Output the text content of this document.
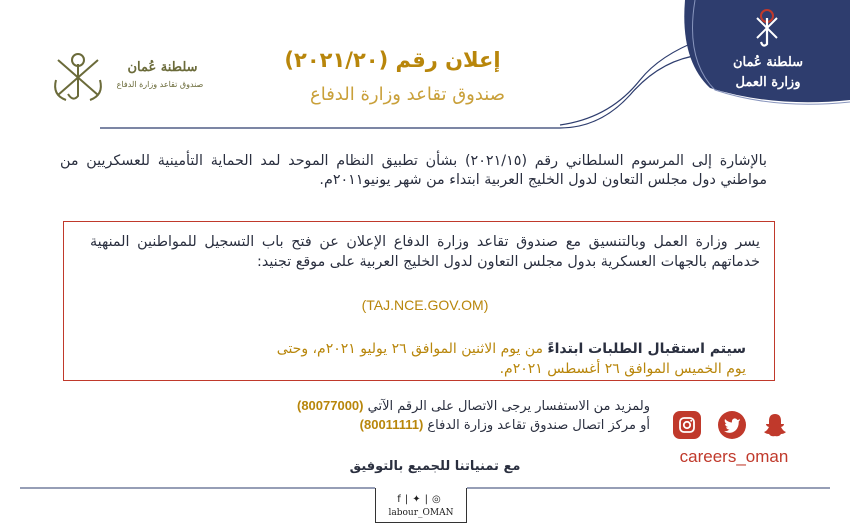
سلطنة عُمان
وزارة العمل
سلطنة عُمان
صندوق تقاعد وزارة الدفاع
إعلان رقم (٢٠٢١/٢٠)
صندوق تقاعد وزارة الدفاع
بالإشارة إلى المرسوم السلطاني رقم (٢٠٢١/١٥) بشأن تطبيق النظام الموحد لمد الحماية التأمينية للعسكريين من مواطني دول مجلس التعاون لدول الخليج العربية ابتداء من شهر يونيو٢٠١١م.
يسر وزارة العمل وبالتنسيق مع صندوق تقاعد وزارة الدفاع الإعلان عن فتح باب التسجيل للمواطنين المنهية خدماتهم بالجهات العسكرية بدول مجلس التعاون لدول الخليج العربية على موقع تجنيد:
(TAJ.NCE.GOV.OM)
سيتم استقبال الطلبات ابتداءً من يوم الاثنين الموافق ٢٦ يوليو ٢٠٢١م، وحتى يوم الخميس الموافق ٢٦ أغسطس ٢٠٢١م.
ولمزيد من الاستفسار يرجى الاتصال على الرقم الآتي (80077000)
أو مركز اتصال صندوق تقاعد وزارة الدفاع (80011111)
مع تمنياتنا للجميع بالتوفيق
careers_oman
f|✦|◎
labour_OMAN
